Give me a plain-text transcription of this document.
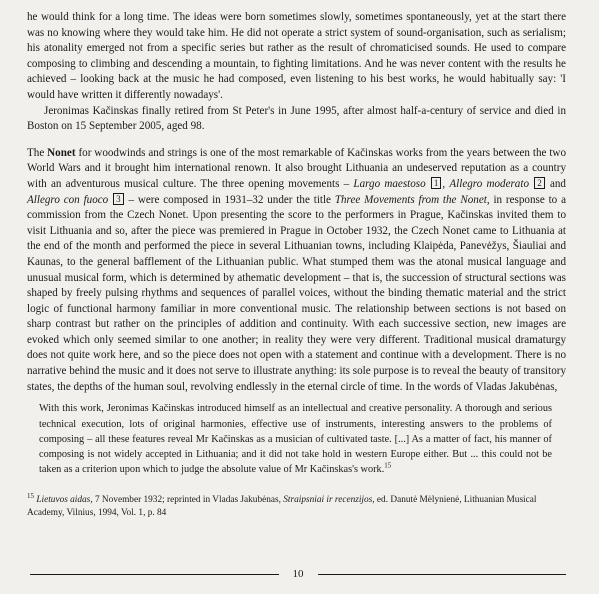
he would think for a long time. The ideas were born sometimes slowly, sometimes spontaneously, yet at the start there was no knowing where they would take him. He did not operate a strict system of sound-organisation, such as serialism; his atonality emerged not from a specific series but rather as the result of chromaticised sounds. He used to compare composing to climbing and descending a mountain, to fighting limitations. And he was never content with the results he achieved – looking back at the music he had composed, even listening to his best works, he would habitually say: 'I would have written it differently nowadays'.

Jeronimas Kačinskas finally retired from St Peter's in June 1995, after almost half-a-century of service and died in Boston on 15 September 2005, aged 98.

The Nonet for woodwinds and strings is one of the most remarkable of Kačinskas works from the years between the two World Wars and it brought him international renown. It also brought Lithuania an undeserved reputation as a country with an adventurous musical culture. The three opening movements – Largo maestoso 1 , Allegro moderato 2 and Allegro con fuoco 3 – were composed in 1931–32 under the title Three Movements from the Nonet, in response to a commission from the Czech Nonet. Upon presenting the score to the performers in Prague, Kačinskas invited them to visit Lithuania and so, after the piece was premiered in Prague in October 1932, the Czech Nonet came to Lithuania at the end of the month and performed the piece in several Lithuanian towns, including Klaipėda, Panevėžys, Šiauliai and Kaunas, to the general bafflement of the Lithuanian public. What stumped them was the atonal musical language and unusual musical form, which is determined by athematic development – that is, the succession of structural sections was shaped by freely pulsing rhythms and sequences of parallel voices, without the binding thematic material and the strict logic of functional harmony familiar in more conventional music. The relationship between sections is not based on sharp contrast but rather on the principles of addition and continuity. With each successive section, new images are evoked which only seemed similar to one another; in reality they were very different. Traditional musical dramaturgy does not quite work here, and so the piece does not open with a statement and continue with a development. There is no narrative behind the music and it does not serve to illustrate anything: its sole purpose is to reveal the beauty of transitory states, the depths of the human soul, revolving endlessly in the eternal circle of time. In the words of Vladas Jakubėnas,

With this work, Jeronimas Kačinskas introduced himself as an intellectual and creative personality. A thorough and serious technical execution, lots of original harmonies, effective use of instruments, interesting answers to the problems of composing – all these features reveal Mr Kačinskas as a musician of cultivated taste. [...] As a matter of fact, his manner of composing is not widely accepted in Lithuania; and it did not take hold in western Europe either. But ... this could not be taken as a criterion upon which to judge the absolute value of Mr Kačinskas's work.$^{15}$

$^{15}$ Lietuvos aidas, 7 November 1932; reprinted in Vladas Jakubėnas, Straipsniai ir recenzijos, ed. Danutė Mėlynienė, Lithuanian Musical Academy, Vilnius, 1994, Vol. 1, p. 84

10
